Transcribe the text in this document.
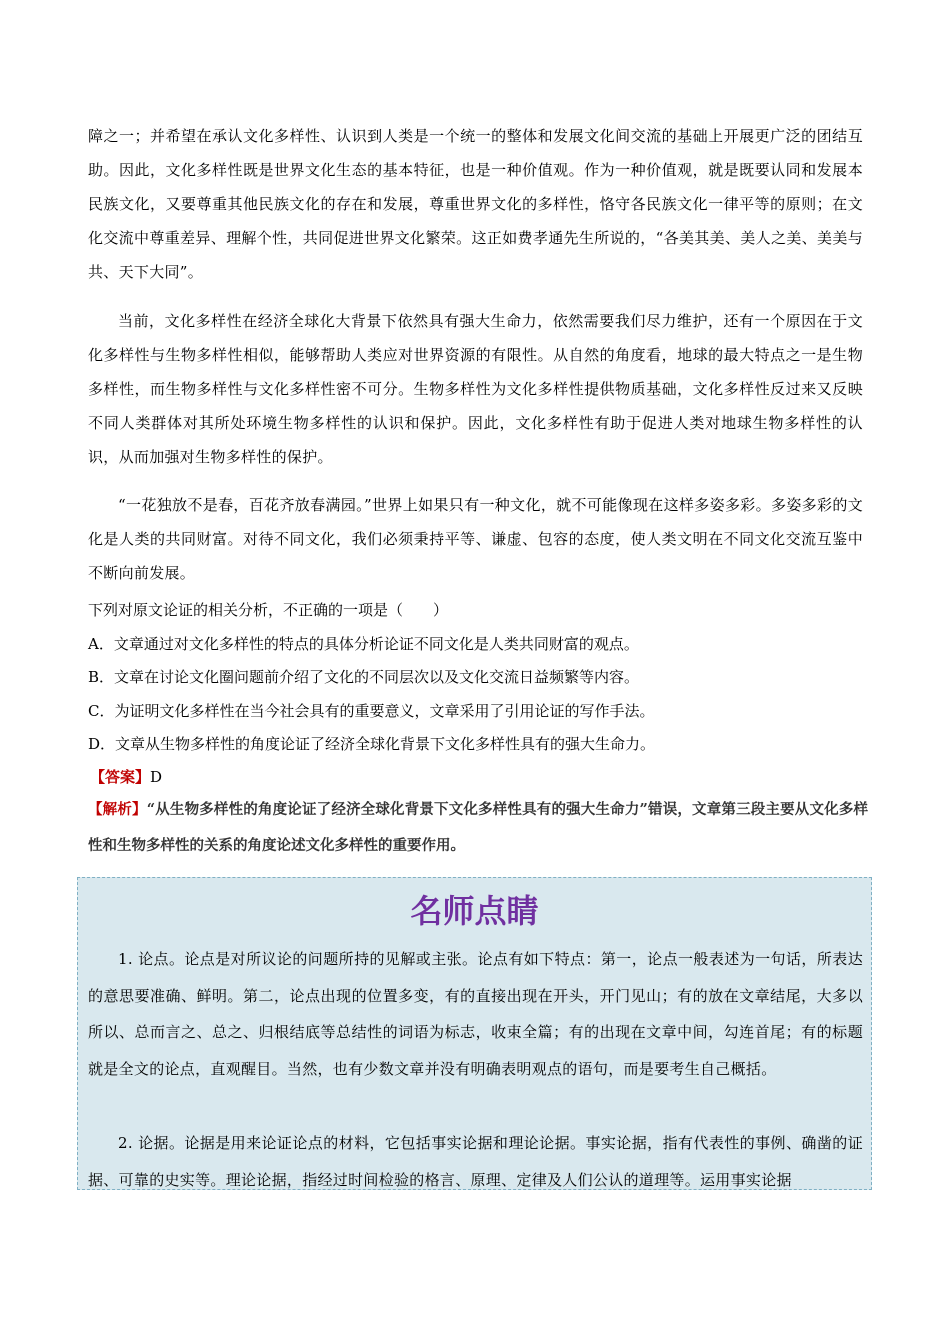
障之一；并希望在承认文化多样性、认识到人类是一个统一的整体和发展文化间交流的基础上开展更广泛的团结互助。因此，文化多样性既是世界文化生态的基本特征，也是一种价值观。作为一种价值观，就是既要认同和发展本民族文化，又要尊重其他民族文化的存在和发展，尊重世界文化的多样性，恪守各民族文化一律平等的原则；在文化交流中尊重差异、理解个性，共同促进世界文化繁荣。这正如费孝通先生所说的，“各美其美、美人之美、美美与共、天下大同”。
当前，文化多样性在经济全球化大背景下依然具有强大生命力，依然需要我们尽力维护，还有一个原因在于文化多样性与生物多样性相似，能够帮助人类应对世界资源的有限性。从自然的角度看，地球的最大特点之一是生物多样性，而生物多样性与文化多样性密不可分。生物多样性为文化多样性提供物质基础，文化多样性反过来又反映不同人类群体对其所处环境生物多样性的认识和保护。因此，文化多样性有助于促进人类对地球生物多样性的认识，从而加强对生物多样性的保护。
“一花独放不是春，百花齐放春满园。”世界上如果只有一种文化，就不可能像现在这样多姿多彩。多姿多彩的文化是人类的共同财富。对待不同文化，我们必须秉持平等、谦虚、包容的态度，使人类文明在不同文化交流互鉴中不断向前发展。
下列对原文论证的相关分析，不正确的一项是（　　）
A．文章通过对文化多样性的特点的具体分析论证不同文化是人类共同财富的观点。
B．文章在讨论文化圈问题前介绍了文化的不同层次以及文化交流日益频繁等内容。
C．为证明文化多样性在当今社会具有的重要意义，文章采用了引用论证的写作手法。
D．文章从生物多样性的角度论证了经济全球化背景下文化多样性具有的强大生命力。
【答案】D
【解析】“从生物多样性的角度论证了经济全球化背景下文化多样性具有的强大生命力”错误，文章第三段主要从文化多样性和生物多样性的关系的角度论述文化多样性的重要作用。
名师点睛
1. 论点。论点是对所议论的问题所持的见解或主张。论点有如下特点：第一，论点一般表述为一句话，所表达的意思要准确、鲜明。第二，论点出现的位置多变，有的直接出现在开头，开门见山；有的放在文章结尾，大多以所以、总而言之、总之、归根结底等总结性的词语为标志，收束全篇；有的出现在文章中间，勾连首尾；有的标题就是全文的论点，直观醒目。当然，也有少数文章并没有明确表明观点的语句，而是要考生自己概括。
2. 论据。论据是用来论证论点的材料，它包括事实论据和理论论据。事实论据，指有代表性的事例、确凿的证据、可靠的史实等。理论论据，指经过时间检验的格言、原理、定律及人们公认的道理等。运用事实论据
